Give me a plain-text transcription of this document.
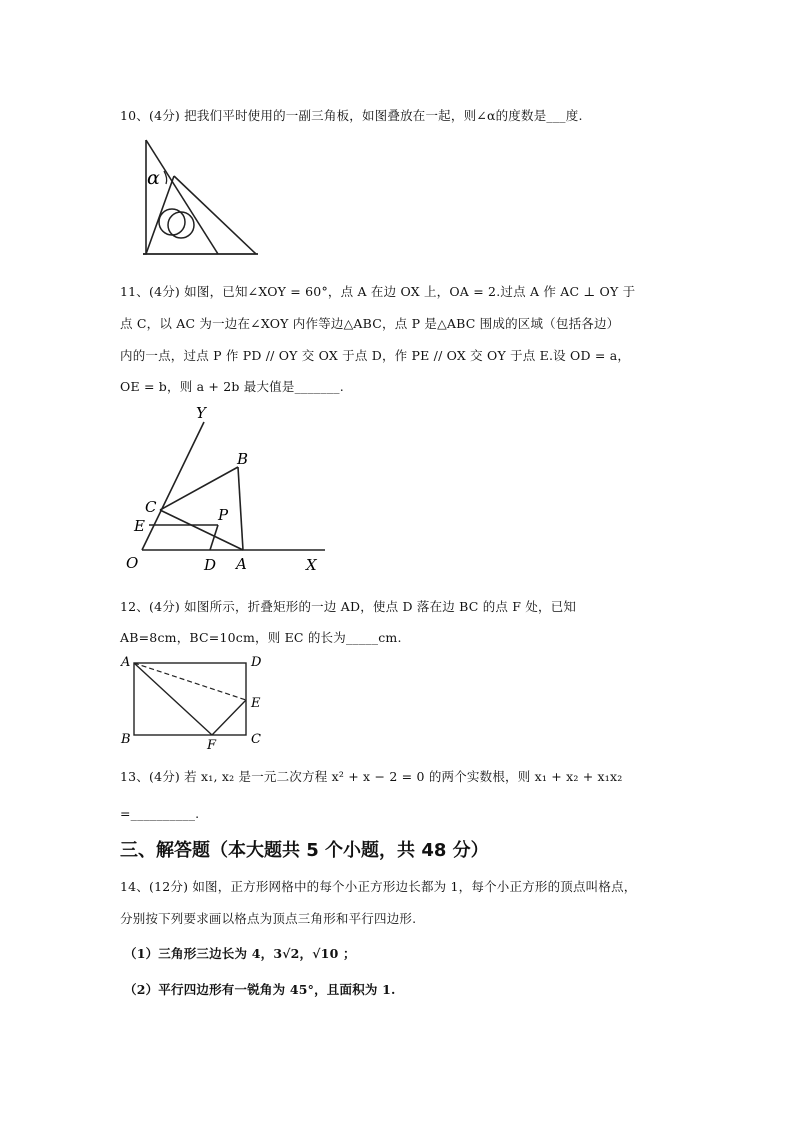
10、(4分) 把我们平时使用的一副三角板，如图叠放在一起，则∠α的度数是___度.
α
11、(4分) 如图，已知∠XOY = 60°，点 A 在边 OX 上，OA = 2.过点 A 作 AC ⊥ OY 于
点 C，以 AC 为一边在∠XOY 内作等边△ABC，点 P 是△ABC 围成的区域（包括各边）
内的一点，过点 P 作 PD // OY 交 OX 于点 D，作 PE // OX 交 OY 于点 E.设 OD = a，
OE = b，则 a + 2b 最大值是_______.
Y
B
C
E
P
O	D A	X
12、(4分) 如图所示，折叠矩形的一边 AD，使点 D 落在边 BC 的点 F 处，已知
AB=8cm，BC=10cm，则 EC 的长为_____cm.
A	D
E
B	F	C
13、(4分) 若 x₁, x₂ 是一元二次方程 x² + x − 2 = 0 的两个实数根，则 x₁ + x₂ + x₁x₂
=__________.
三、解答题（本大题共 5 个小题，共 48 分）
14、(12分) 如图，正方形网格中的每个小正方形边长都为 1，每个小正方形的顶点叫格点，
分别按下列要求画以格点为顶点三角形和平行四边形.
（1）三角形三边长为 4，3√2，√10 ；
（2）平行四边形有一锐角为 45°，且面积为 1.
